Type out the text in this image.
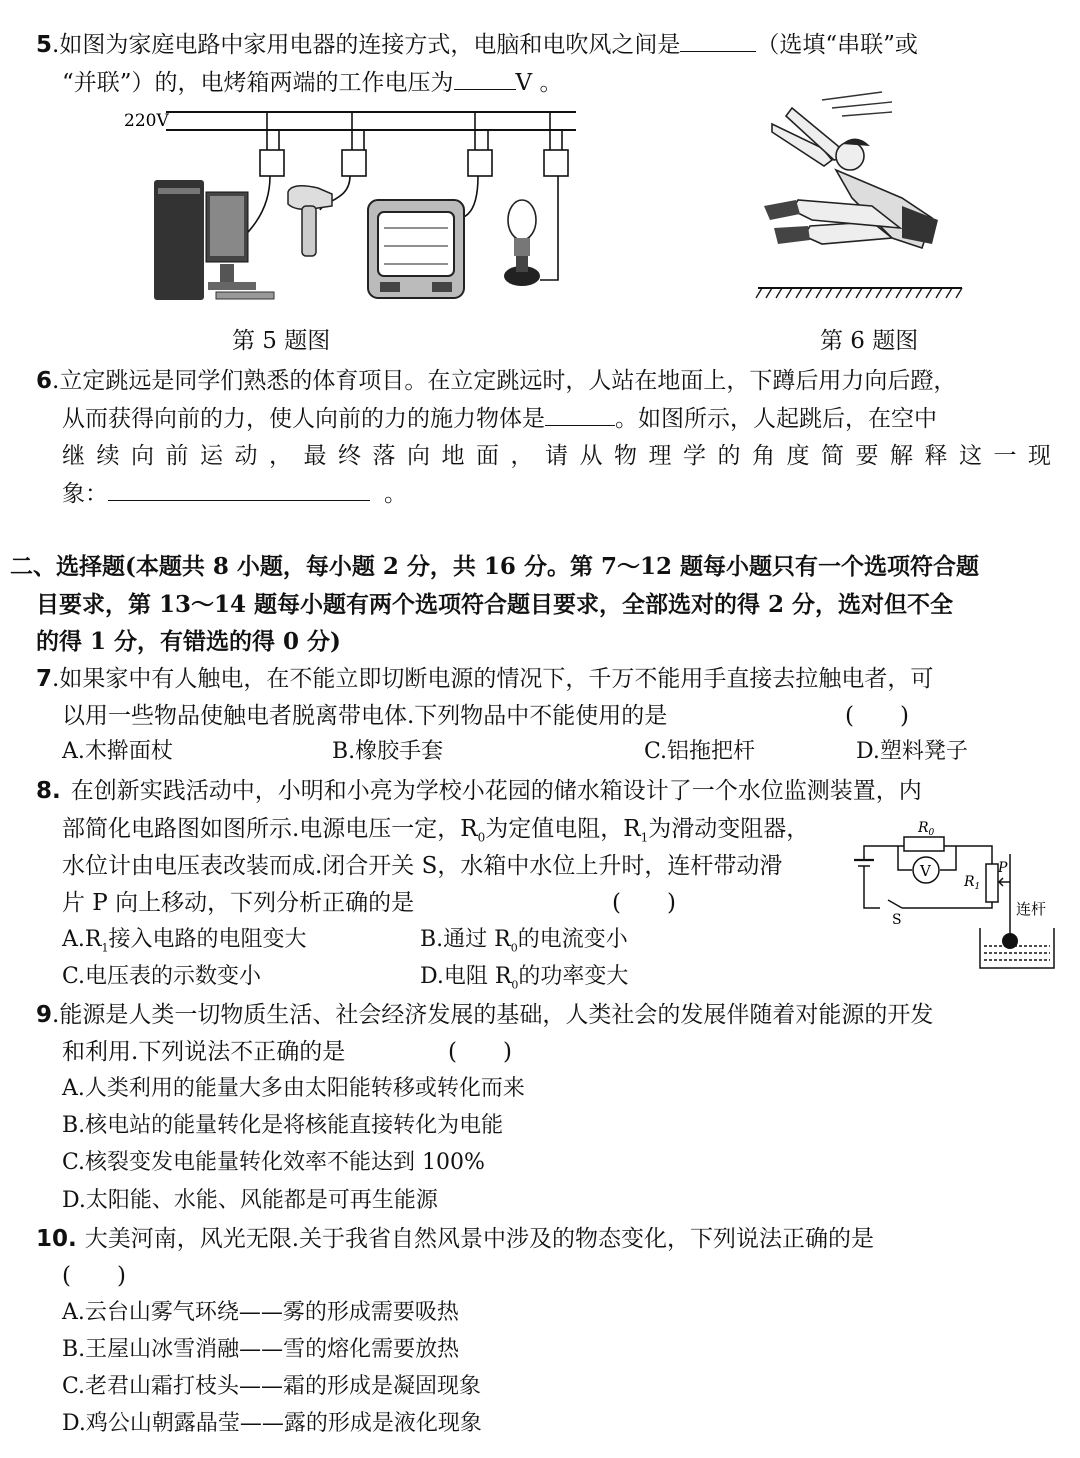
5.如图为家庭电路中家用电器的连接方式，电脑和电吹风之间是	（选填“串联”或
“并联”）的，电烤箱两端的工作电压为	V 。
220V
第 5 题图	第 6 题图
6.立定跳远是同学们熟悉的体育项目。在立定跳远时，人站在地面上，下蹲后用力向后蹬，
从而获得向前的力，使人向前的力的施力物体是	。如图所示，人起跳后，在空中
继续向前运动，最终落向地面，请从物理学的角度简要解释这一现
象：	。
二、选择题(本题共 8 小题，每小题 2 分，共 16 分。第 7～12 题每小题只有一个选项符合题
目要求，第 13～14 题每小题有两个选项符合题目要求，全部选对的得 2 分，选对但不全
的得 1 分，有错选的得 0 分)
7.如果家中有人触电，在不能立即切断电源的情况下，千万不能用手直接去拉触电者，可
以用一些物品使触电者脱离带电体.下列物品中不能使用的是	(　　)
A.木擀面杖	B.橡胶手套	C.铝拖把杆	D.塑料凳子
8. 在创新实践活动中，小明和小亮为学校小花园的储水箱设计了一个水位监测装置，内
部简化电路图如图所示.电源电压一定，$R_0$为定值电阻，$R_1$为滑动变阻器，
水位计由电压表改装而成.闭合开关 S，水箱中水位上升时，连杆带动滑
片 P 向上移动，下列分析正确的是	(　　)
$A.R_1$接入电路的电阻变大	B.通过 $R_0$的电流变小
C.电压表的示数变小	D.电阻 $R_0$的功率变大
$R_0$
V
$R_1$
P
S
连杆
9.能源是人类一切物质生活、社会经济发展的基础，人类社会的发展伴随着对能源的开发
和利用.下列说法不正确的是	(　　)
A.人类利用的能量大多由太阳能转移或转化而来
B.核电站的能量转化是将核能直接转化为电能
C.核裂变发电能量转化效率不能达到 100%
D.太阳能、水能、风能都是可再生能源
10. 大美河南，风光无限.关于我省自然风景中涉及的物态变化，下列说法正确的是
(　　)
A.云台山雾气环绕——雾的形成需要吸热
B.王屋山冰雪消融——雪的熔化需要放热
C.老君山霜打枝头——霜的形成是凝固现象
D.鸡公山朝露晶莹——露的形成是液化现象
